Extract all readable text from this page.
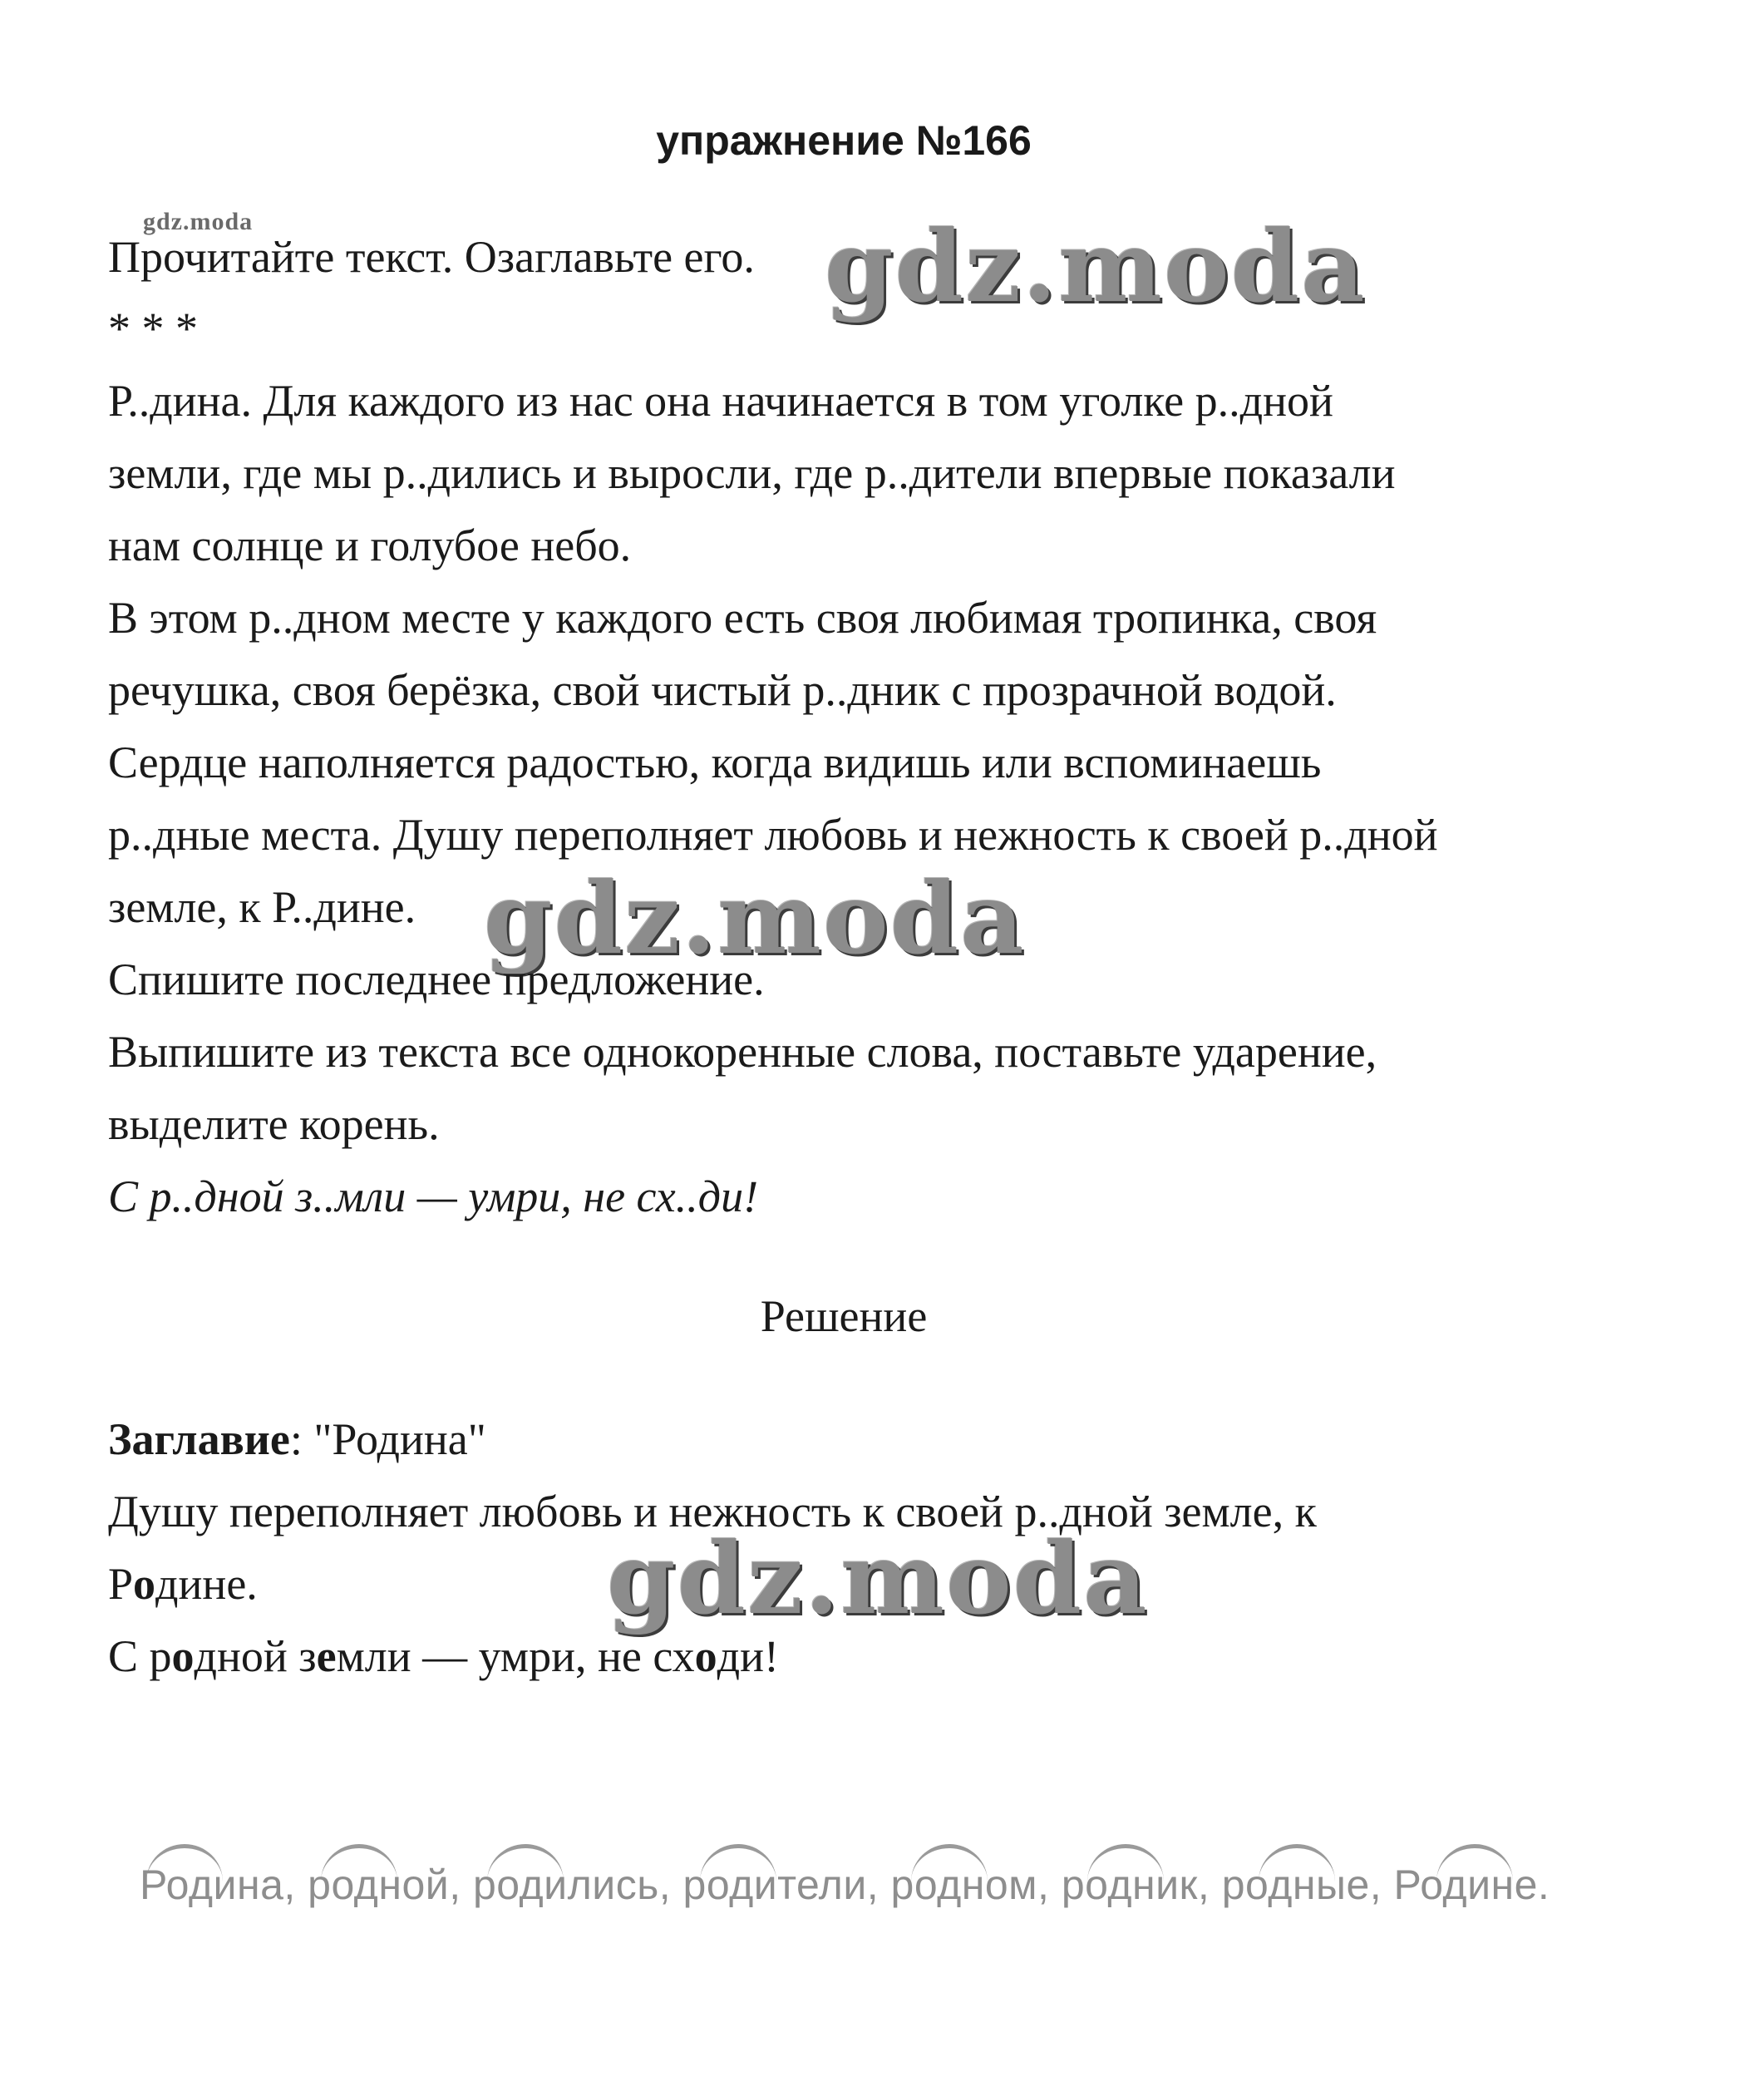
упражнение №166
gdz.moda
Прочитайте текст. Озаглавьте его. gdz.moda
* * *
Р..дина. Для каждого из нас она начинается в том уголке р..дной
земли, где мы р..дились и выросли, где р..дители впервые показали
нам солнце и голубое небо.
В этом р..дном месте у каждого есть своя любимая тропинка, своя
речушка, своя берёзка, свой чистый р..дник с прозрачной водой.
Сердце наполняется радостью, когда видишь или вспоминаешь
р..дные места. Душу переполняет любовь и нежность к своей р..дной
земле, к Р..дине. gdz.moda
Спишите последнее предложение.
Выпишите из текста все однокоренные слова, поставьте ударение,
выделите корень.
С р..дной з..мли — умри, не сх..ди!
Решение
Заглавие: "Родина"
Душу переполняет любовь и нежность к своей р..дной земле, к
Родине.	gdz.moda
С родной земли — умри, не сходи!
Родина, родной, родились, родители, родном, родник, родные, Родине.
